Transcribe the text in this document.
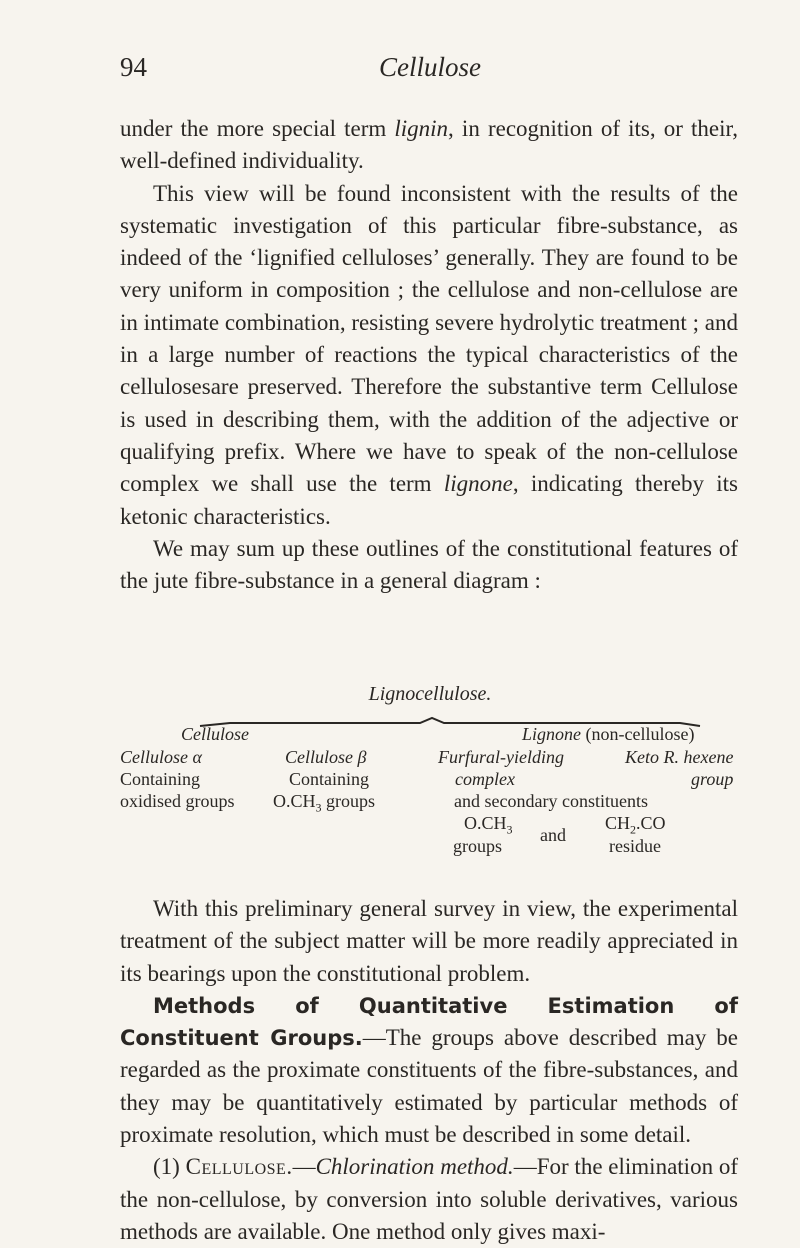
94	Cellulose

under the more special term lignin, in recognition of its, or their, well-defined individuality.

This view will be found inconsistent with the results of the systematic investigation of this particular fibre-substance, as indeed of the ‘lignified celluloses’ generally. They are found to be very uniform in composition ; the cellulose and non-cellulose are in intimate combination, resisting severe hydrolytic treatment ; and in a large number of reactions the typical characteristics of the cellulosesare preserved. Therefore the substantive term Cellulose is used in describing them, with the addition of the adjective or qualifying prefix. Where we have to speak of the non-cellulose complex we shall use the term lignone, indicating thereby its ketonic characteristics.

We may sum up these outlines of the constitutional features of the jute fibre-substance in a general diagram :

Lignocellulose.
Cellulose
Cellulose α
Containing
oxidised groups
Cellulose β
Containing
$O.CH_3$ groups
Lignone (non-cellulose)
Furfural-yielding
complex
and secondary constituents
Keto R. hexene
group
$O.CH_3$
groups
and
$CH_2.CO$
residue

With this preliminary general survey in view, the experimental treatment of the subject matter will be more readily appreciated in its bearings upon the constitutional problem.

Methods of Quantitative Estimation of Constituent Groups.—The groups above described may be regarded as the proximate constituents of the fibre-substances, and they may be quantitatively estimated by particular methods of proximate resolution, which must be described in some detail.

(1) Cellulose.—Chlorination method.—For the elimination of the non-cellulose, by conversion into soluble derivatives, various methods are available. One method only gives maxi-
